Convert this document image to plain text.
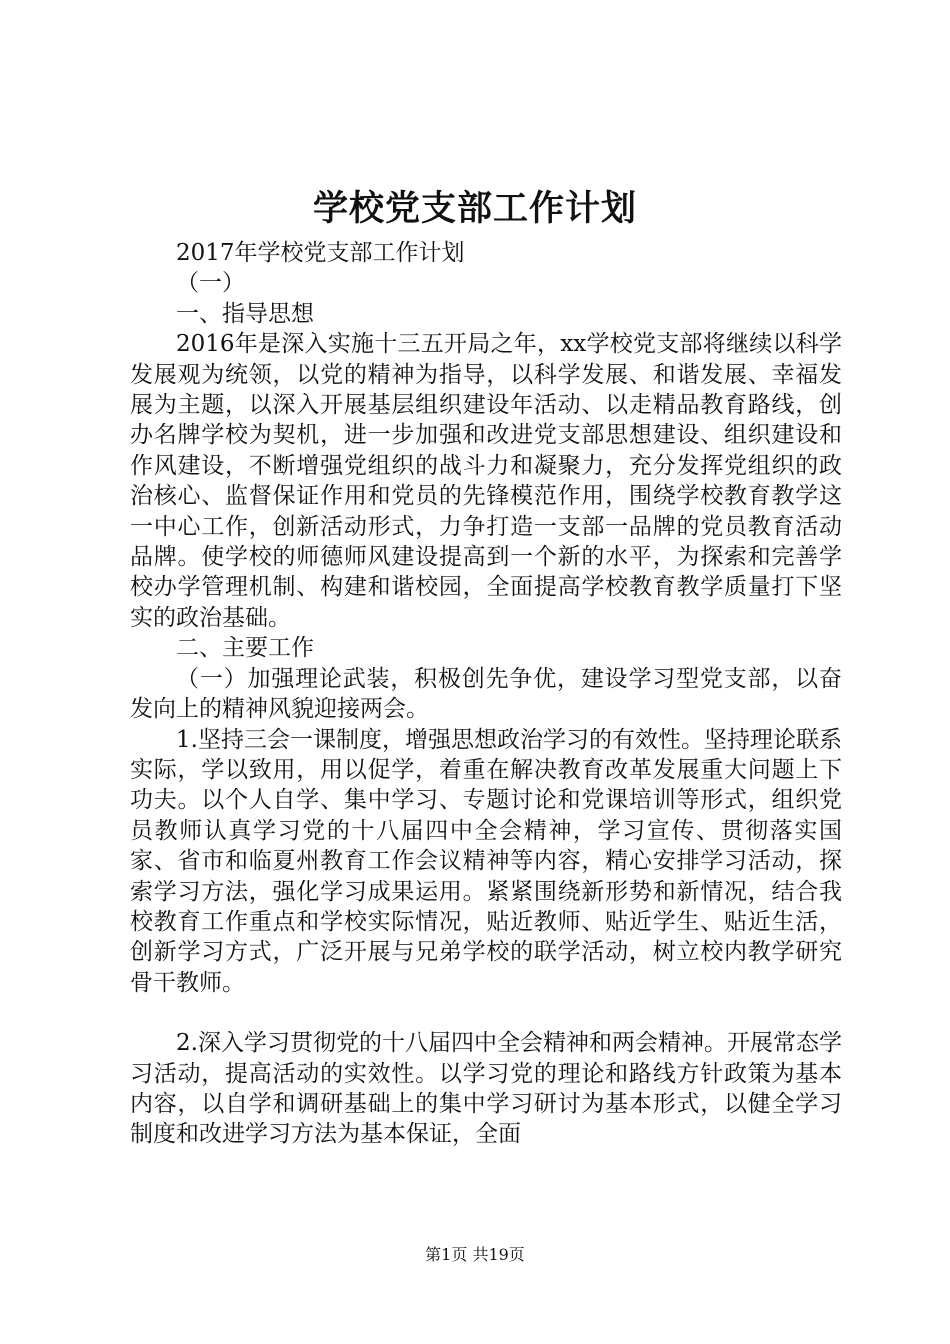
学校党支部工作计划

2017年学校党支部工作计划

（一）

一、指导思想

2016年是深入实施十三五开局之年，xx学校党支部将继续以科学发展观为统领，以党的精神为指导，以科学发展、和谐发展、幸福发展为主题，以深入开展基层组织建设年活动、以走精品教育路线，创办名牌学校为契机，进一步加强和改进党支部思想建设、组织建设和作风建设，不断增强党组织的战斗力和凝聚力，充分发挥党组织的政治核心、监督保证作用和党员的先锋模范作用，围绕学校教育教学这一中心工作，创新活动形式，力争打造一支部一品牌的党员教育活动品牌。使学校的师德师风建设提高到一个新的水平，为探索和完善学校办学管理机制、构建和谐校园，全面提高学校教育教学质量打下坚实的政治基础。

二、主要工作

（一）加强理论武装，积极创先争优，建设学习型党支部，以奋发向上的精神风貌迎接两会。

1.坚持三会一课制度，增强思想政治学习的有效性。坚持理论联系实际，学以致用，用以促学，着重在解决教育改革发展重大问题上下功夫。以个人自学、集中学习、专题讨论和党课培训等形式，组织党员教师认真学习党的十八届四中全会精神，学习宣传、贯彻落实国家、省市和临夏州教育工作会议精神等内容，精心安排学习活动，探索学习方法，强化学习成果运用。紧紧围绕新形势和新情况，结合我校教育工作重点和学校实际情况，贴近教师、贴近学生、贴近生活，创新学习方式，广泛开展与兄弟学校的联学活动，树立校内教学研究骨干教师。

2.深入学习贯彻党的十八届四中全会精神和两会精神。开展常态学习活动，提高活动的实效性。以学习党的理论和路线方针政策为基本内容，以自学和调研基础上的集中学习研讨为基本形式，以健全学习制度和改进学习方法为基本保证，全面

第1页 共19页
